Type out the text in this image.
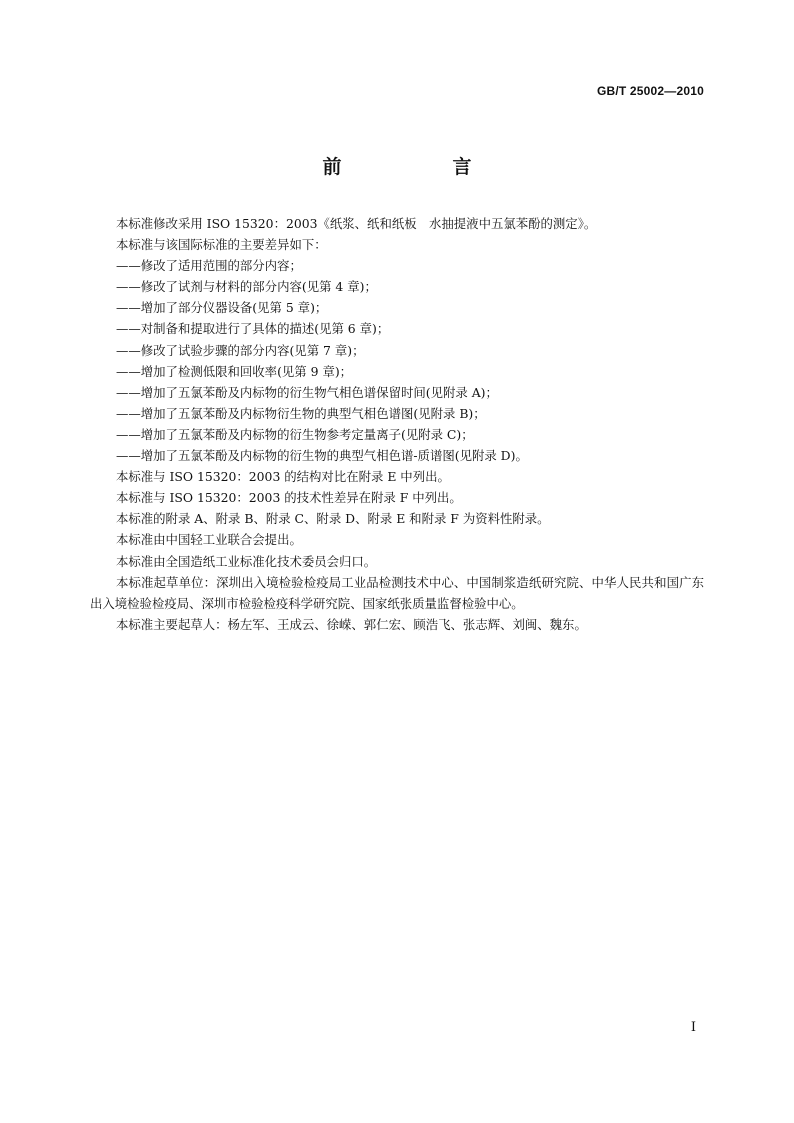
GB/T 25002—2010
前　言

本标准修改采用 ISO 15320：2003《纸浆、纸和纸板　水抽提液中五氯苯酚的测定》。

本标准与该国际标准的主要差异如下：

——修改了适用范围的部分内容；

——修改了试剂与材料的部分内容(见第 4 章)；

——增加了部分仪器设备(见第 5 章)；

——对制备和提取进行了具体的描述(见第 6 章)；

——修改了试验步骤的部分内容(见第 7 章)；

——增加了检测低限和回收率(见第 9 章)；

——增加了五氯苯酚及内标物的衍生物气相色谱保留时间(见附录 A)；

——增加了五氯苯酚及内标物衍生物的典型气相色谱图(见附录 B)；

——增加了五氯苯酚及内标物的衍生物参考定量离子(见附录 C)；

——增加了五氯苯酚及内标物的衍生物的典型气相色谱-质谱图(见附录 D)。

本标准与 ISO 15320：2003 的结构对比在附录 E 中列出。

本标准与 ISO 15320：2003 的技术性差异在附录 F 中列出。

本标准的附录 A、附录 B、附录 C、附录 D、附录 E 和附录 F 为资料性附录。

本标准由中国轻工业联合会提出。

本标准由全国造纸工业标准化技术委员会归口。

本标准起草单位：深圳出入境检验检疫局工业品检测技术中心、中国制浆造纸研究院、中华人民共和国广东出入境检验检疫局、深圳市检验检疫科学研究院、国家纸张质量监督检验中心。

本标准主要起草人：杨左军、王成云、徐嵘、郭仁宏、顾浩飞、张志辉、刘闽、魏东。

I
